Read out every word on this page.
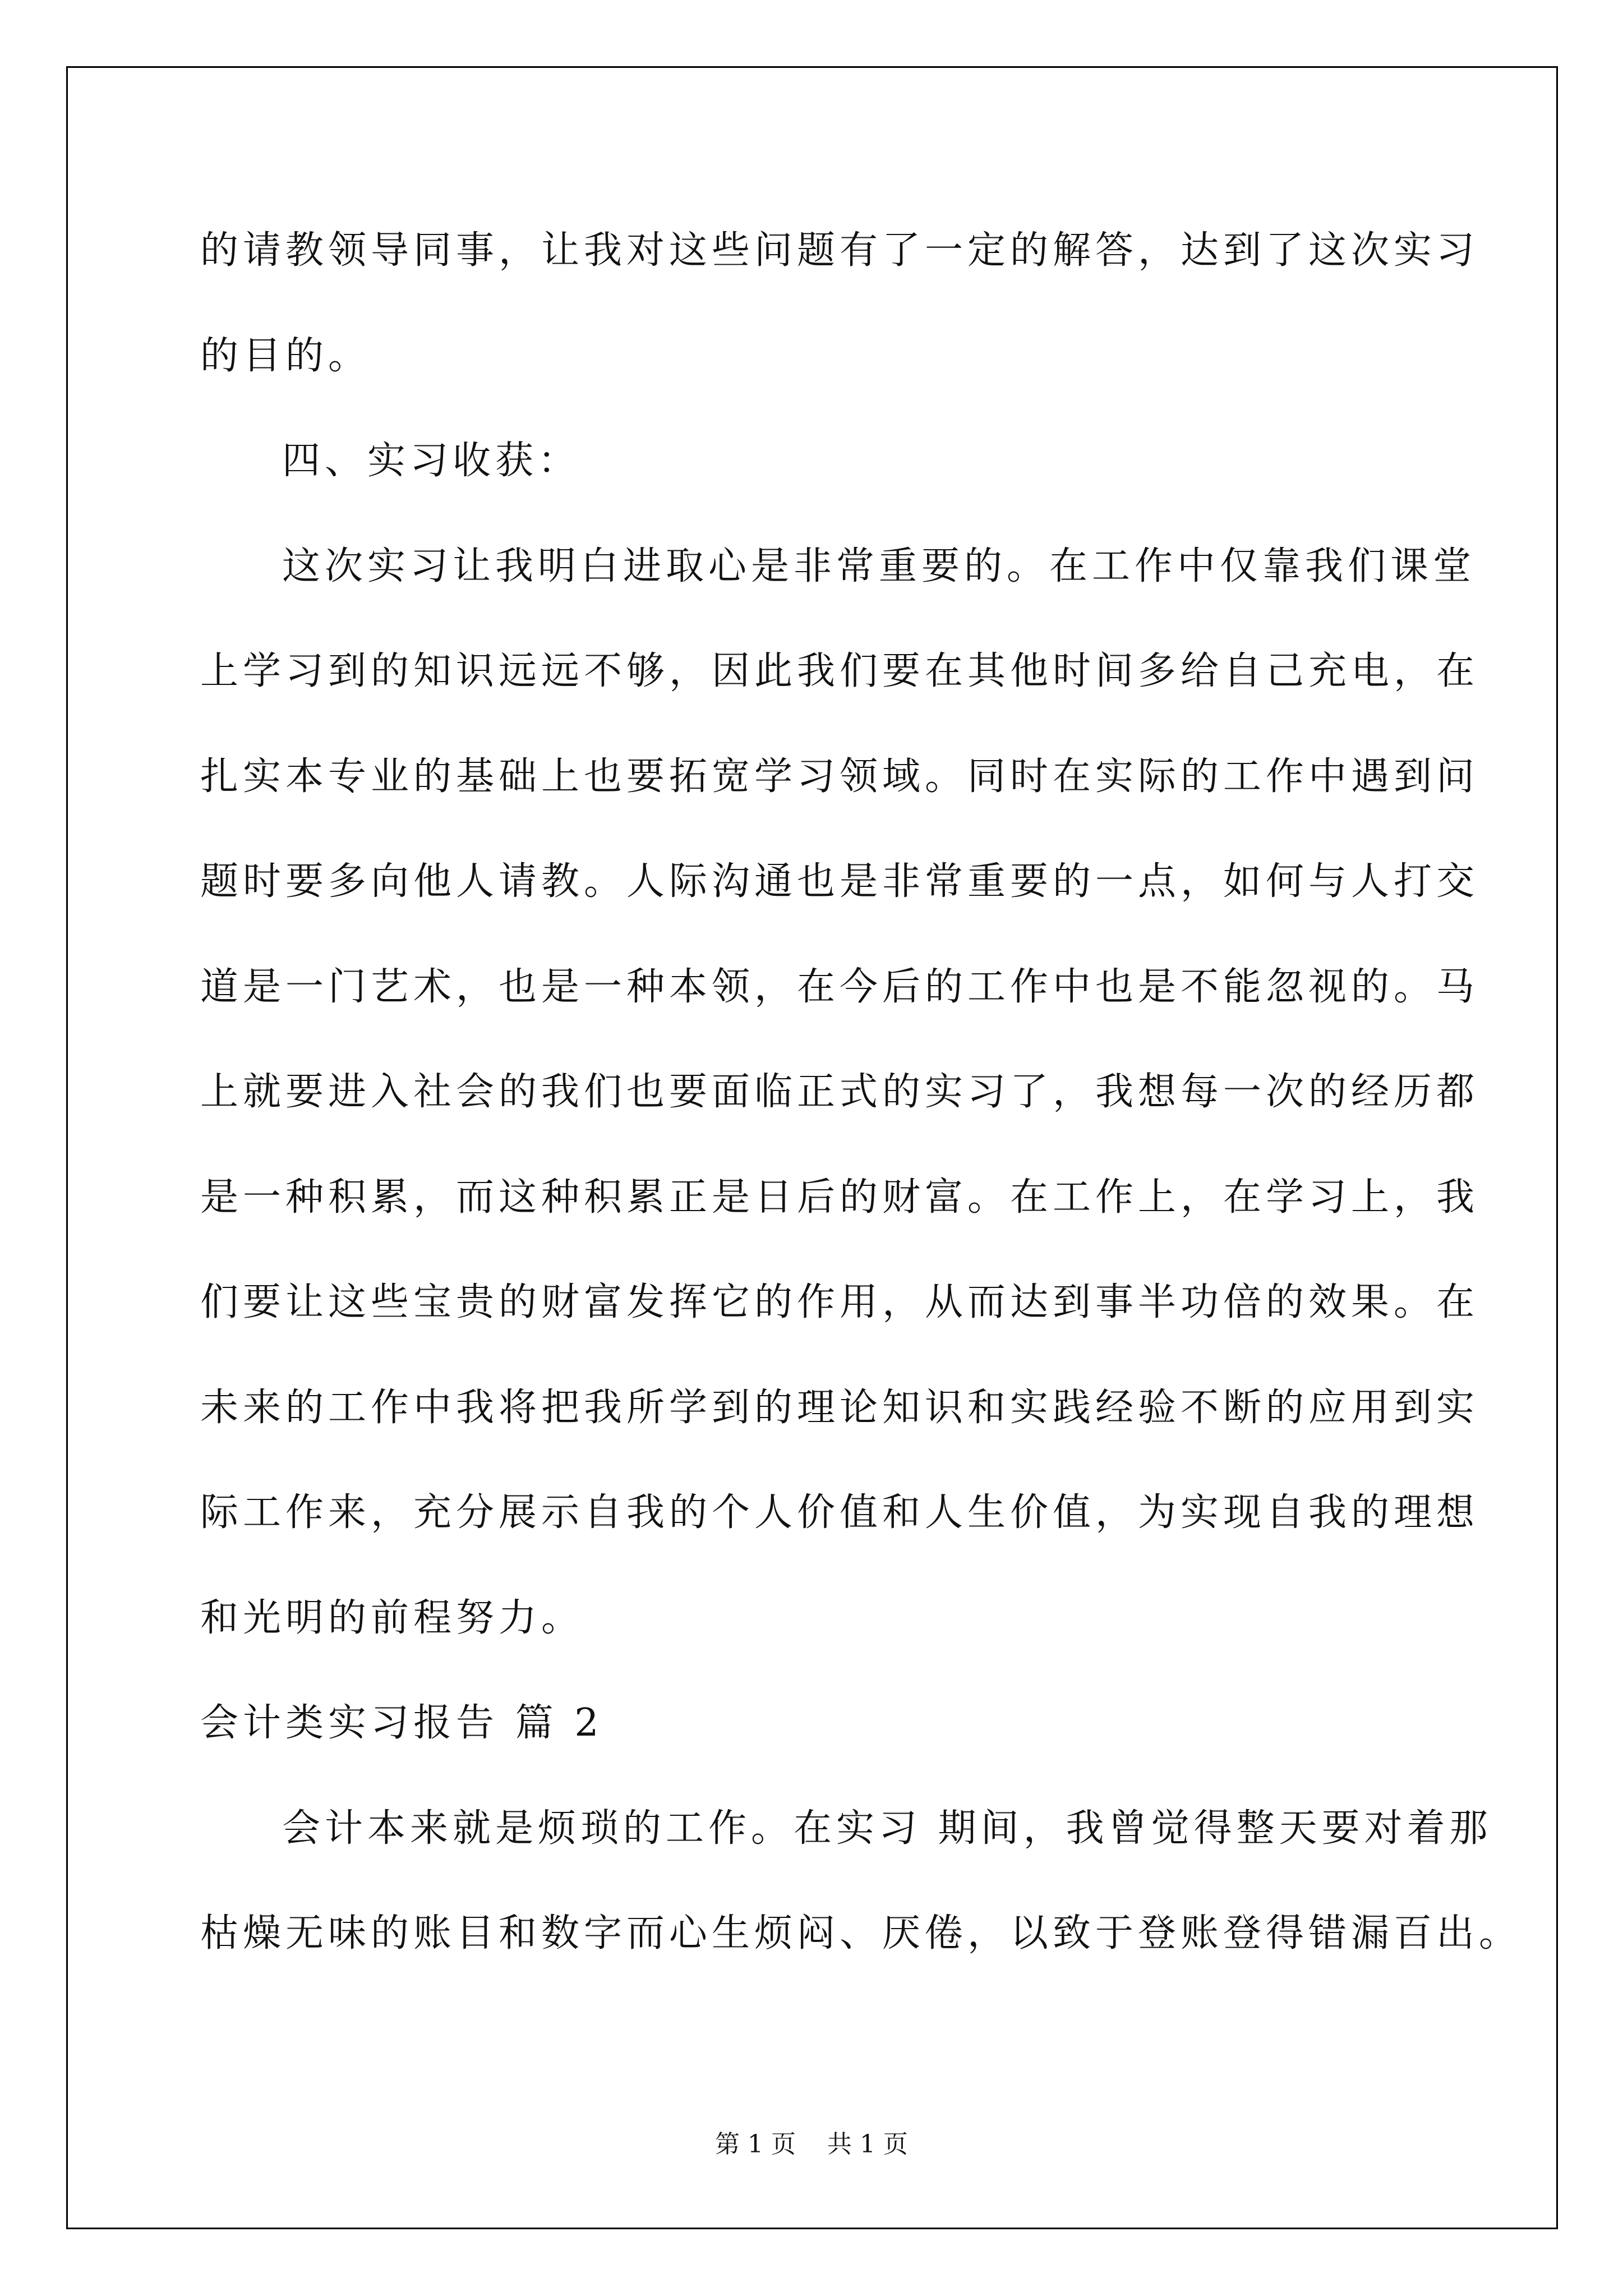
的请教领导同事，让我对这些问题有了一定的解答，达到了这次实习
的目的。
四、实习收获：
这次实习让我明白进取心是非常重要的。在工作中仅靠我们课堂
上学习到的知识远远不够，因此我们要在其他时间多给自己充电，在
扎实本专业的基础上也要拓宽学习领域。同时在实际的工作中遇到问
题时要多向他人请教。人际沟通也是非常重要的一点，如何与人打交
道是一门艺术，也是一种本领，在今后的工作中也是不能忽视的。马
上就要进入社会的我们也要面临正式的实习了，我想每一次的经历都
是一种积累，而这种积累正是日后的财富。在工作上，在学习上，我
们要让这些宝贵的财富发挥它的作用，从而达到事半功倍的效果。在
未来的工作中我将把我所学到的理论知识和实践经验不断的应用到实
际工作来，充分展示自我的个人价值和人生价值，为实现自我的理想
和光明的前程努力。
会计类实习报告 篇 2
会计本来就是烦琐的工作。在实习 期间，我曾觉得整天要对着那
枯燥无味的账目和数字而心生烦闷、厌倦，以致于登账登得错漏百出。
第 1 页    共 1 页
